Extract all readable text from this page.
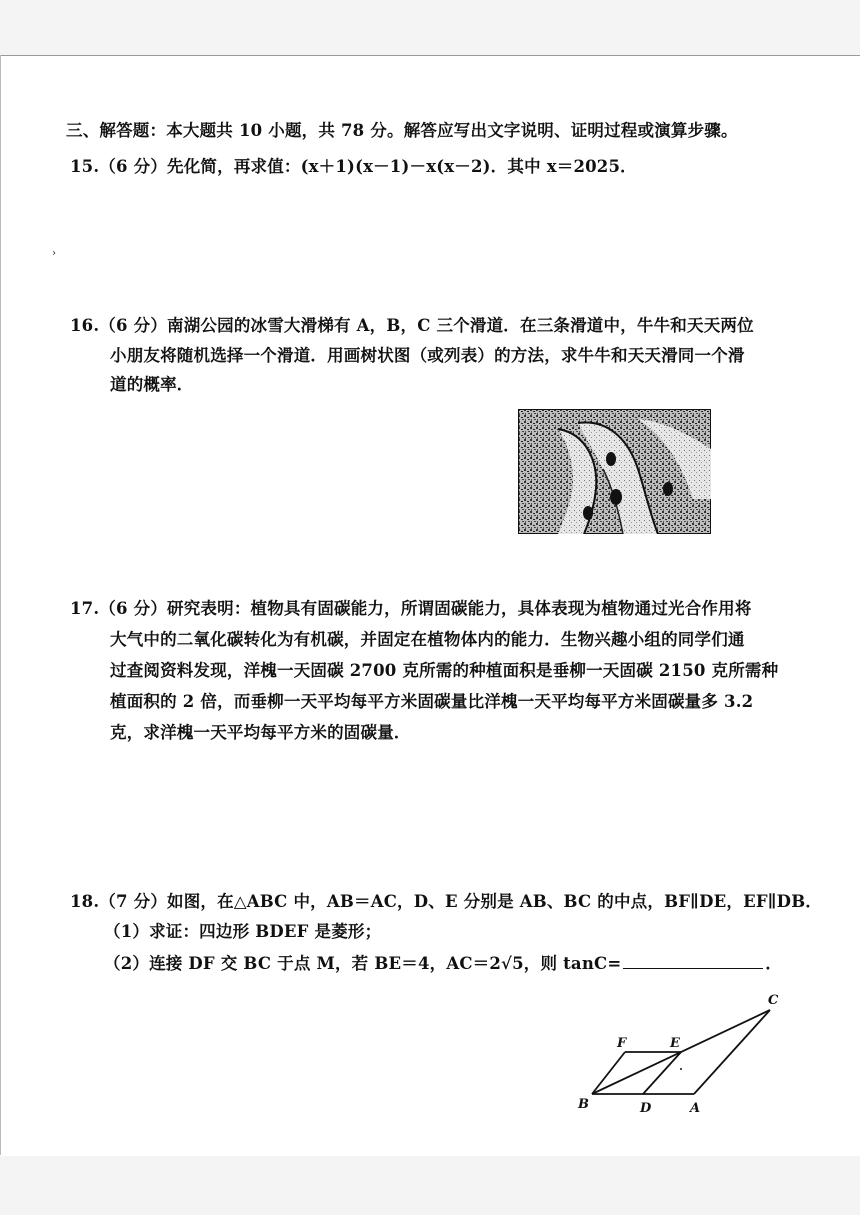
三、解答题：本大题共 10 小题，共 78 分。解答应写出文字说明、证明过程或演算步骤。
15.（6 分）先化简，再求值：(x＋1)(x－1)－x(x－2)．其中 x＝2025．
›
16.（6 分）南湖公园的冰雪大滑梯有 A，B，C 三个滑道．在三条滑道中，牛牛和天天两位
小朋友将随机选择一个滑道．用画树状图（或列表）的方法，求牛牛和天天滑同一个滑
道的概率．
17.（6 分）研究表明：植物具有固碳能力，所谓固碳能力，具体表现为植物通过光合作用将
大气中的二氧化碳转化为有机碳，并固定在植物体内的能力．生物兴趣小组的同学们通
过查阅资料发现，洋槐一天固碳 2700 克所需的种植面积是垂柳一天固碳 2150 克所需种
植面积的 2 倍，而垂柳一天平均每平方米固碳量比洋槐一天平均每平方米固碳量多 3.2
克，求洋槐一天平均每平方米的固碳量．
18.（7 分）如图，在△ABC 中，AB＝AC，D、E 分别是 AB、BC 的中点，BF∥DE，EF∥DB．
（1）求证：四边形 BDEF 是菱形；
（2）连接 DF 交 BC 于点 M，若 BE＝4，AC＝2√5，则 tanC=	．
C
F	E
B	D	A
